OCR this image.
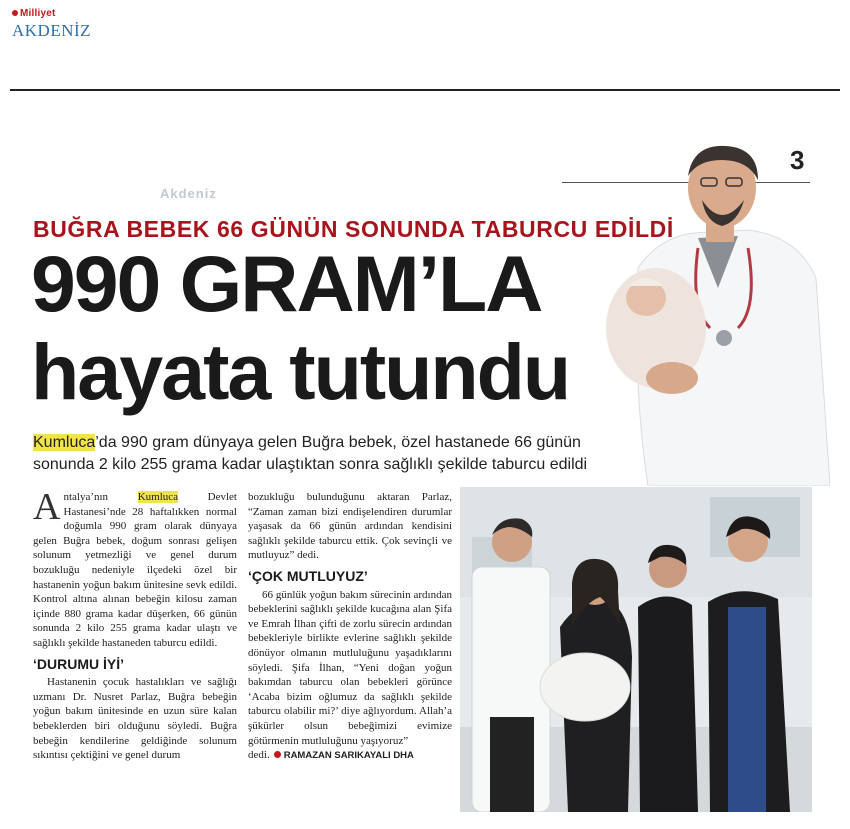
Milliyet
AKDENİZ
3
Akdeniz
BUĞRA BEBEK 66 GÜNÜN SONUNDA TABURCU EDİLDİ
990 GRAM’LA
hayata tutundu
Kumluca’da 990 gram dünyaya gelen Buğra bebek, özel hastanede 66 günün sonunda 2 kilo 255 grama kadar ulaştıktan sonra sağlıklı şekilde taburcu edildi

Antalya’nın Kumluca Devlet Hastanesi’nde 28 haftalıkken normal doğumla 990 gram olarak dünyaya gelen Buğra bebek, doğum sonrası gelişen solunum yetmezliği ve genel durum bozukluğu nedeniyle ilçedeki özel bir hastanenin yoğun bakım ünitesine sevk edildi. Kontrol altına alınan bebeğin kilosu zaman içinde 880 grama kadar düşerken, 66 günün sonunda 2 kilo 255 grama kadar ulaştı ve sağlıklı şekilde hastaneden taburcu edildi.

‘DURUMU İYİ’

Hastanenin çocuk hastalıkları ve sağlığı uzmanı Dr. Nusret Parlaz, Buğra bebeğin yoğun bakım ünitesinde en uzun süre kalan bebeklerden biri olduğunu söyledi. Buğra bebeğin kendilerine geldiğinde solunum sıkıntısı çektiğini ve genel durum

bozukluğu bulunduğunu aktaran Parlaz, “Zaman zaman bizi endişelendiren durumlar yaşasak da 66 günün ardından kendisini sağlıklı şekilde taburcu ettik. Çok sevinçli ve mutluyuz” dedi.

‘ÇOK MUTLUYUZ’

66 günlük yoğun bakım sürecinin ardından bebeklerini sağlıklı şekilde kucağına alan Şifa ve Emrah İlhan çifti de zorlu sürecin ardından bebekleriyle birlikte evlerine sağlıklı şekilde dönüyor olmanın mutluluğunu yaşadıklarını söyledi. Şifa İlhan, “Yeni doğan yoğun bakımdan taburcu olan bebekleri görünce ‘Acaba bizim oğlumuz da sağlıklı şekilde taburcu olabilir mi?’ diye ağlıyordum. Allah’a şükürler olsun bebeğimizi evimize götürmenin mutluluğunu yaşıyoruz”

dedi. RAMAZAN SARIKAYALI DHA
